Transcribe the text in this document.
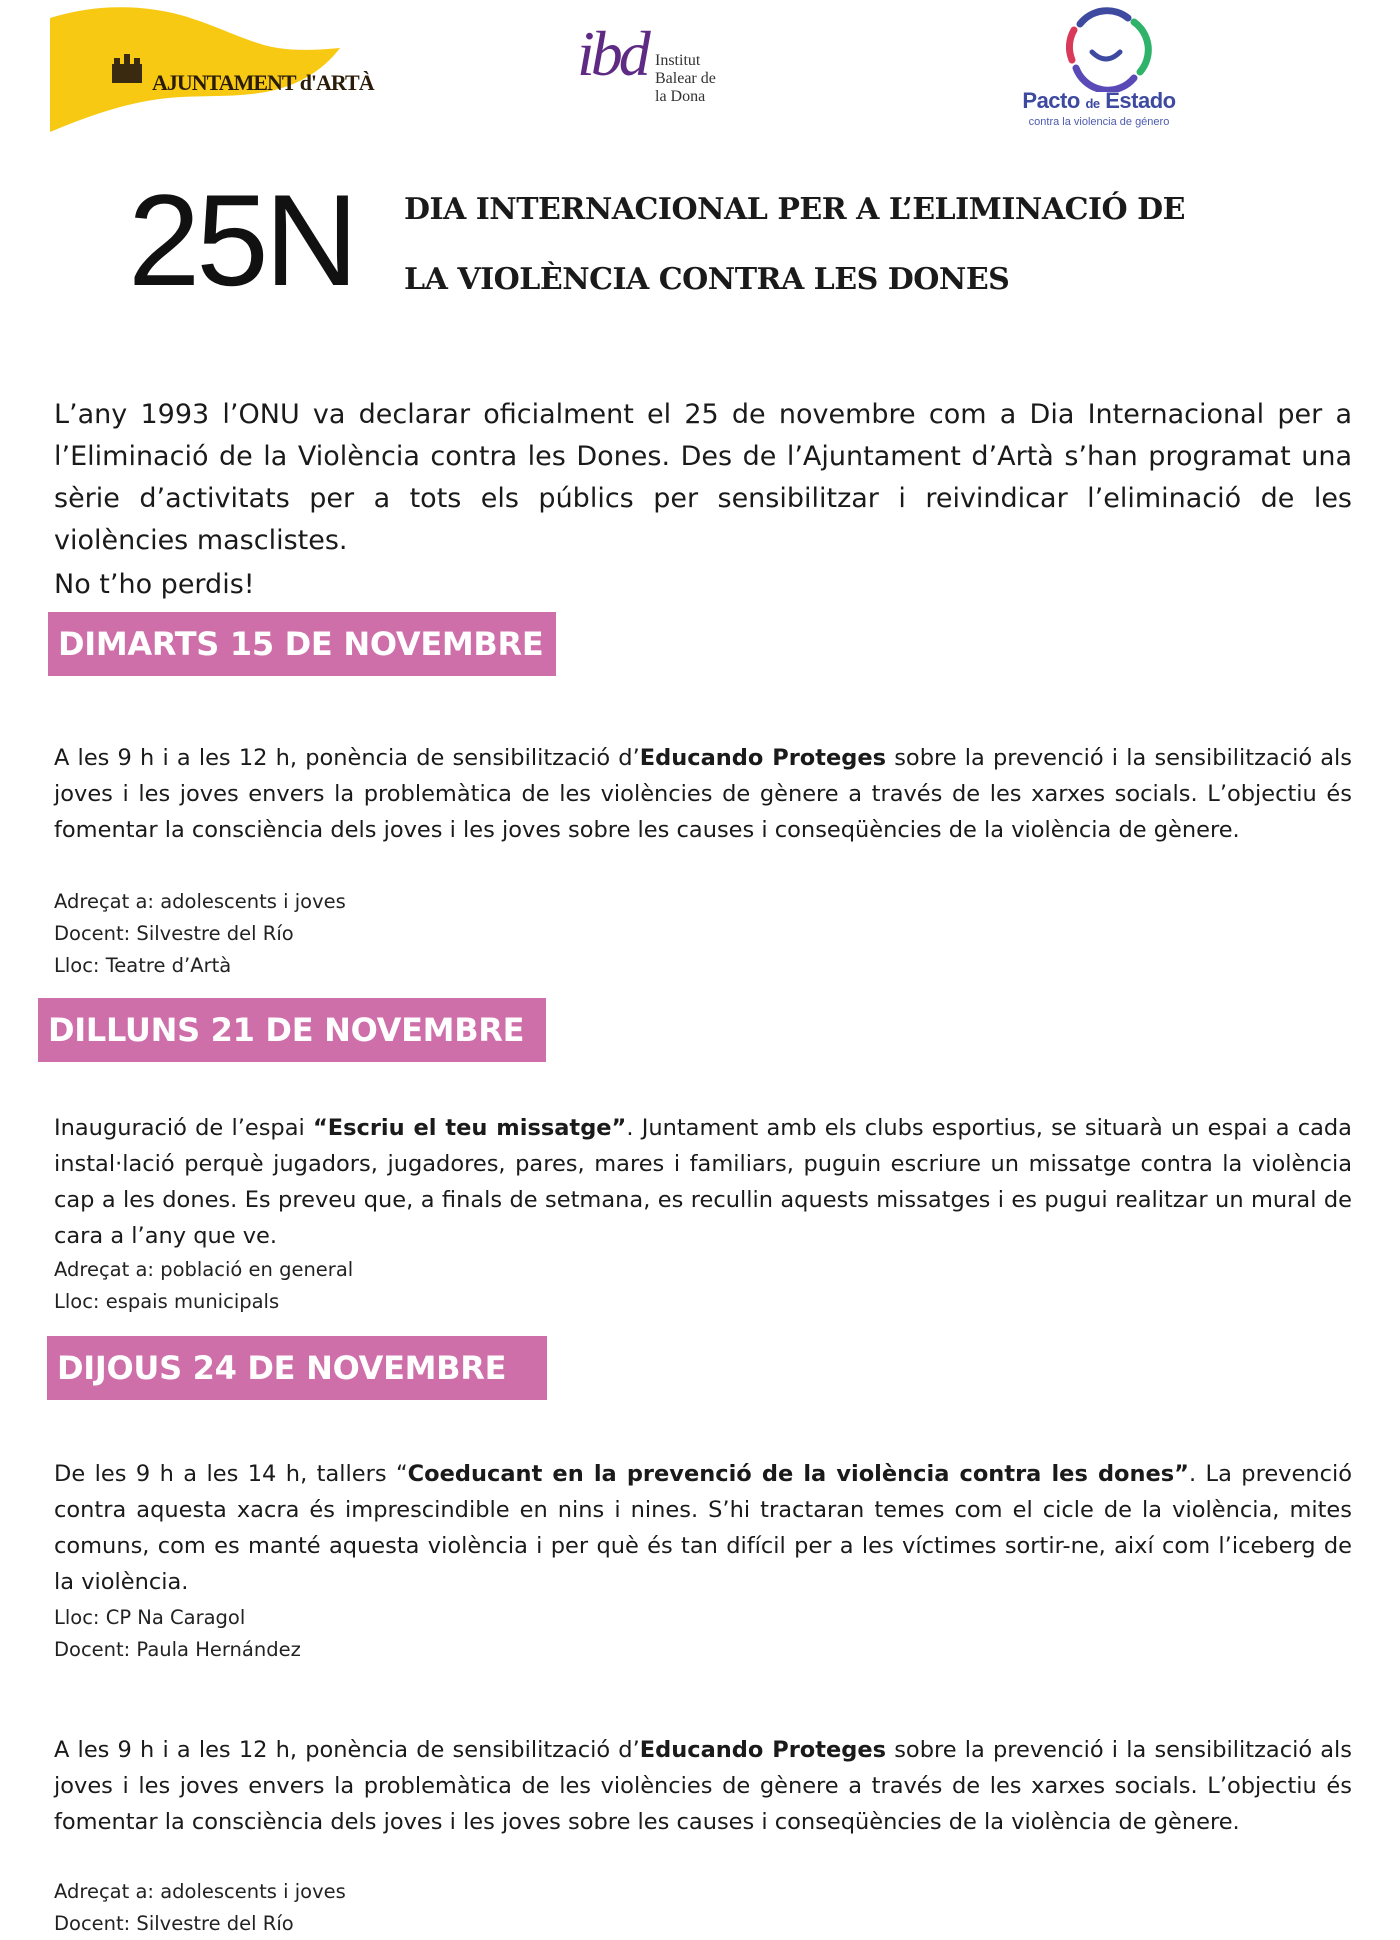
AJUNTAMENT d'ARTÀ	ibd Institut
Balear de
la Dona	Pacto de Estado
contra la violencia de género
25N DIA INTERNACIONAL PER A L’ELIMINACIÓ DE
LA VIOLÈNCIA CONTRA LES DONES
L’any 1993 l’ONU va declarar oficialment el 25 de novembre com a Dia Internacional per a l’Eliminació de la Violència contra les Dones. Des de l’Ajuntament d’Artà s’han programat una sèrie d’activitats per a tots els públics per sensibilitzar i reivindicar l’eliminació de les violències masclistes.
No t’ho perdis!
DIMARTS 15 DE NOVEMBRE
A les 9 h i a les 12 h, ponència de sensibilització d’Educando Proteges sobre la prevenció i la sensibilització als joves i les joves envers la problemàtica de les violències de gènere a través de les xarxes socials. L’objectiu és fomentar la consciència dels joves i les joves sobre les causes i conseqüències de la violència de gènere.
Adreçat a: adolescents i joves
Docent: Silvestre del Río
Lloc: Teatre d’Artà
DILLUNS 21 DE NOVEMBRE
Inauguració de l’espai “Escriu el teu missatge”. Juntament amb els clubs esportius, se situarà un espai a cada instal·lació perquè jugadors, jugadores, pares, mares i familiars, puguin escriure un missatge contra la violència cap a les dones. Es preveu que, a finals de setmana, es recullin aquests missatges i es pugui realitzar un mural de cara a l’any que ve.
Adreçat a: població en general
Lloc: espais municipals
DIJOUS 24 DE NOVEMBRE
De les 9 h a les 14 h, tallers “Coeducant en la prevenció de la violència contra les dones”. La prevenció contra aquesta xacra és imprescindible en nins i nines. S’hi tractaran temes com el cicle de la violència, mites comuns, com es manté aquesta violència i per què és tan difícil per a les víctimes sortir-ne, així com l’iceberg de la violència.
Lloc: CP Na Caragol
Docent: Paula Hernández
A les 9 h i a les 12 h, ponència de sensibilització d’Educando Proteges sobre la prevenció i la sensibilització als joves i les joves envers la problemàtica de les violències de gènere a través de les xarxes socials. L’objectiu és fomentar la consciència dels joves i les joves sobre les causes i conseqüències de la violència de gènere.
Adreçat a: adolescents i joves
Docent: Silvestre del Río
